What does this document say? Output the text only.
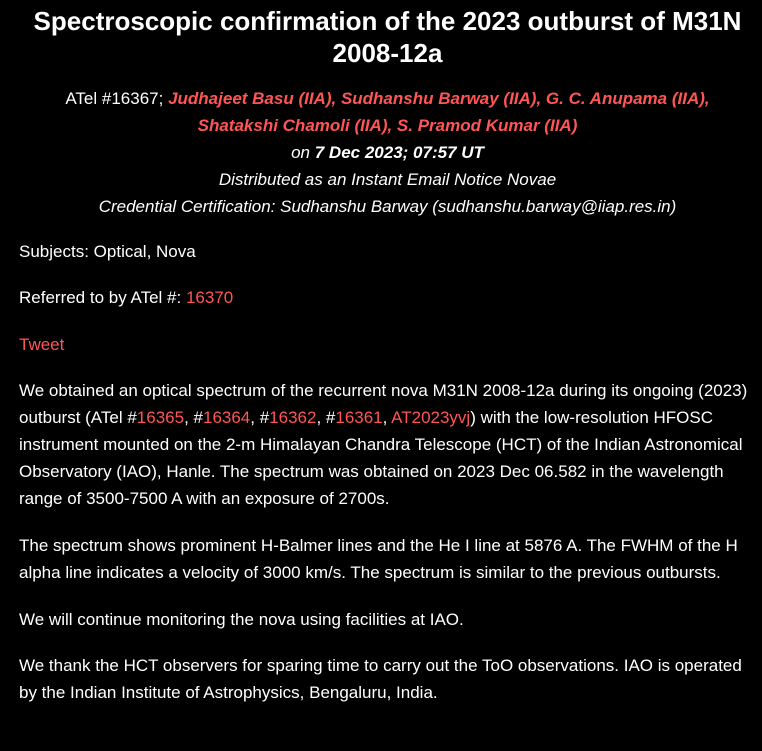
Spectroscopic confirmation of the 2023 outburst of M31N 2008-12a
ATel #16367; Judhajeet Basu (IIA), Sudhanshu Barway (IIA), G. C. Anupama (IIA),
Shatakshi Chamoli (IIA), S. Pramod Kumar (IIA)
on 7 Dec 2023; 07:57 UT
Distributed as an Instant Email Notice Novae
Credential Certification: Sudhanshu Barway (sudhanshu.barway@iiap.res.in)

Subjects: Optical, Nova

Referred to by ATel #: 16370

Tweet

We obtained an optical spectrum of the recurrent nova M31N 2008-12a during its ongoing (2023) outburst (ATel #16365, #16364, #16362, #16361, AT2023yvj) with the low-resolution HFOSC instrument mounted on the 2-m Himalayan Chandra Telescope (HCT) of the Indian Astronomical Observatory (IAO), Hanle. The spectrum was obtained on 2023 Dec 06.582 in the wavelength range of 3500-7500 A with an exposure of 2700s.

The spectrum shows prominent H-Balmer lines and the He I line at 5876 A. The FWHM of the H alpha line indicates a velocity of 3000 km/s. The spectrum is similar to the previous outbursts.

We will continue monitoring the nova using facilities at IAO.

We thank the HCT observers for sparing time to carry out the ToO observations. IAO is operated by the Indian Institute of Astrophysics, Bengaluru, India.
